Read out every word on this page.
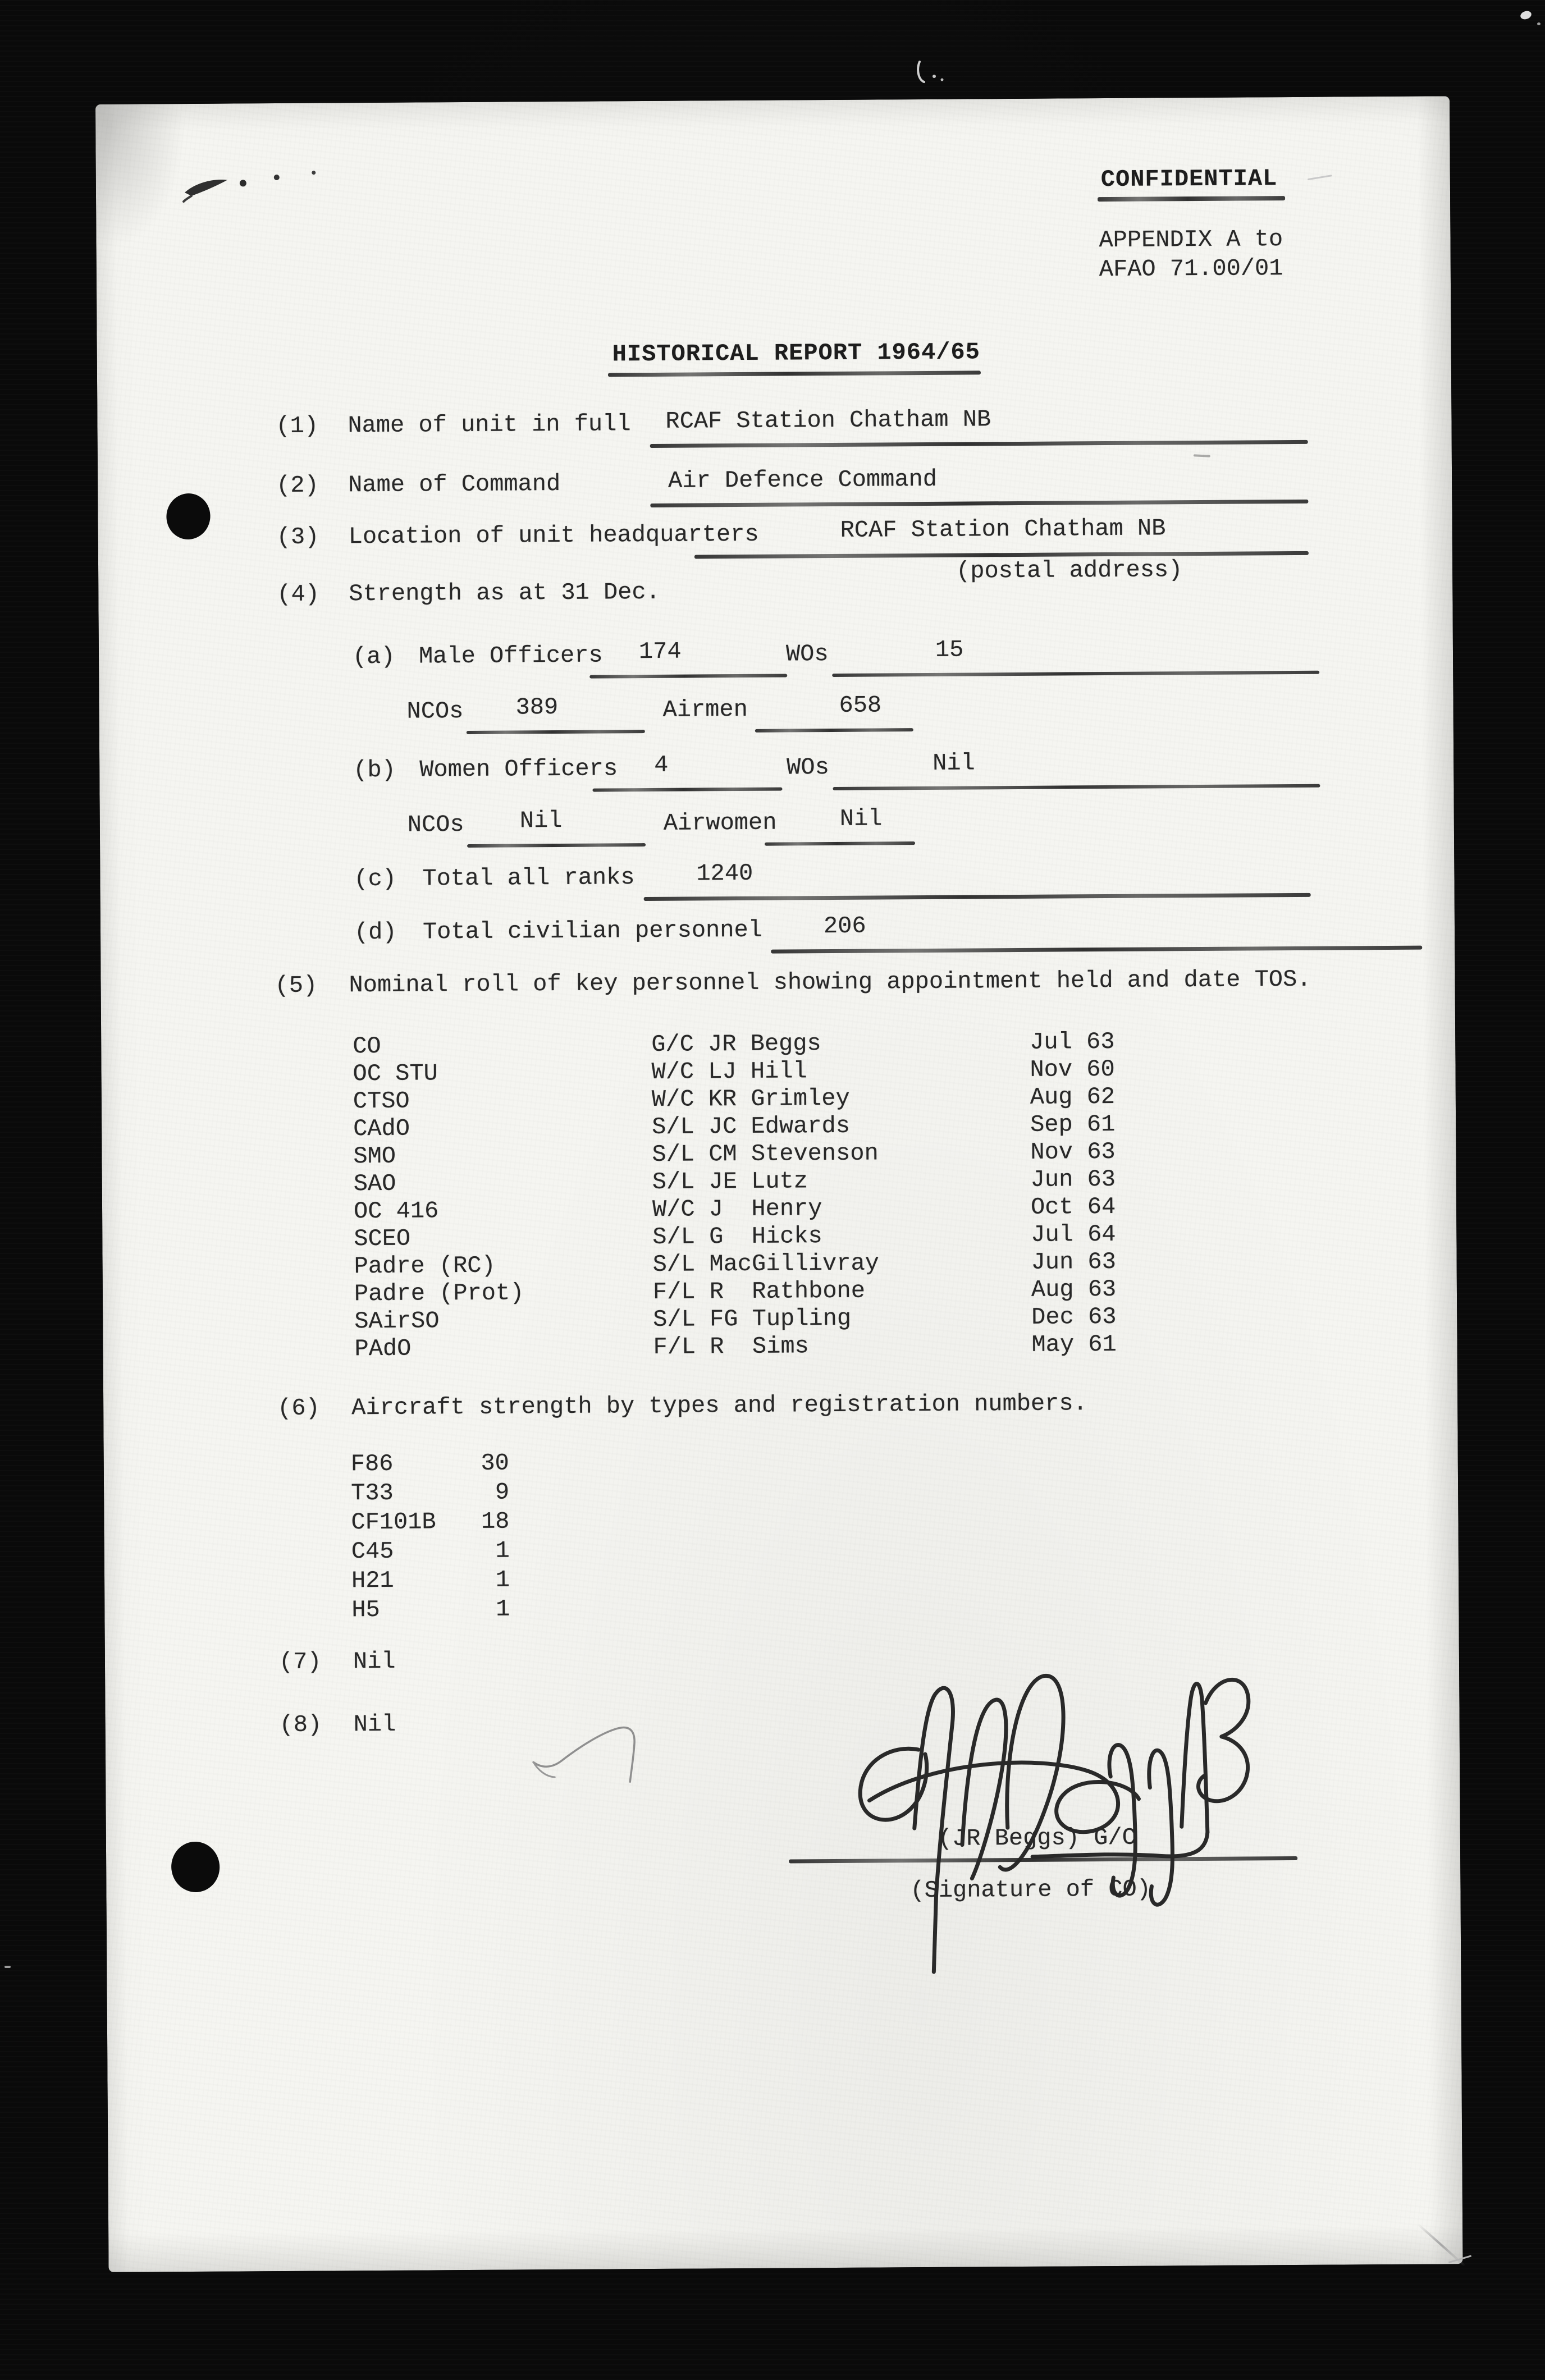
CONFIDENTIAL
APPENDIX A to
AFAO 71.00/01
HISTORICAL REPORT 1964/65
(1) Name of unit in full RCAF Station Chatham NB
(2) Name of Command	Air Defence Command
(3) Location of unit headquarters	RCAF Station Chatham NB
(postal address)
(4) Strength as at 31 Dec.
(a) Male Officers 174	WOs	15
NCOs 389	Airmen	658
(b) Women Officers 4	WOs	Nil
NCOs Nil	Airwomen	Nil
(c) Total all ranks	1240
(d) Total civilian personnel	206
(5) Nominal roll of key personnel showing appointment held and date TOS.
CO	G/C JR Beggs	Jul 63
OC STU	W/C LJ Hill	Nov 60
CTSO	W/C KR Grimley	Aug 62
CAdO	S/L JC Edwards	Sep 61
SMO	S/L CM Stevenson	Nov 63
SAO	S/L JE Lutz	Jun 63
OC 416	W/C J  Henry	Oct 64
SCEO	S/L G  Hicks	Jul 64
Padre (RC)	S/L MacGillivray	Jun 63
Padre (Prot)	F/L R  Rathbone	Aug 63
SAirSO	S/L FG Tupling	Dec 63
PAdO	F/L R  Sims	May 61
(6) Aircraft strength by types and registration numbers.
F86	30
T33	9
CF101B	18
C45	1
H21	1
H5	1
(7) Nil
(8) Nil
(JR Beggs) G/C
(Signature of CO)
